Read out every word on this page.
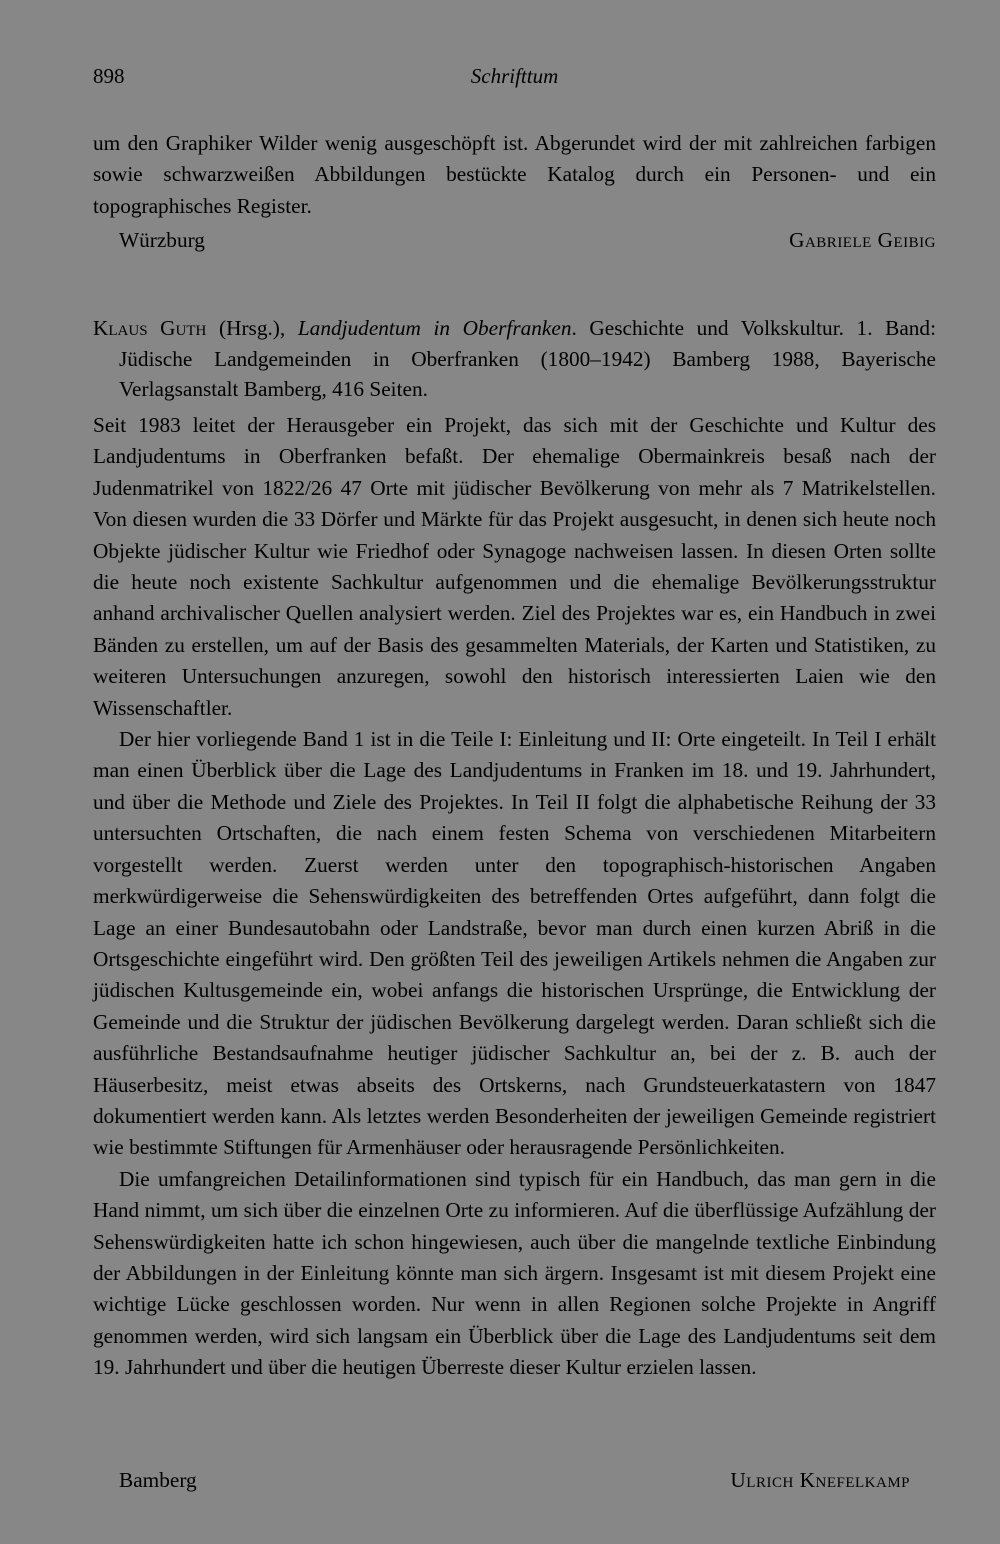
898	Schrifttum

um den Graphiker Wilder wenig ausgeschöpft ist. Abgerundet wird der mit zahlreichen farbigen sowie schwarzweißen Abbildungen bestückte Katalog durch ein Personen- und ein topographisches Register.

Würzburg	Gabriele Geibig
Klaus Guth (Hrsg.), Landjudentum in Oberfranken. Geschichte und Volkskultur. 1. Band: Jüdische Landgemeinden in Oberfranken (1800–1942) Bamberg 1988, Bayerische Verlagsanstalt Bamberg, 416 Seiten.

Seit 1983 leitet der Herausgeber ein Projekt, das sich mit der Geschichte und Kultur des Landjudentums in Oberfranken befaßt. Der ehemalige Obermainkreis besaß nach der Judenmatrikel von 1822/26 47 Orte mit jüdischer Bevölkerung von mehr als 7 Matrikelstellen. Von diesen wurden die 33 Dörfer und Märkte für das Projekt ausgesucht, in denen sich heute noch Objekte jüdischer Kultur wie Friedhof oder Synagoge nachweisen lassen. In diesen Orten sollte die heute noch existente Sachkultur aufgenommen und die ehemalige Bevölkerungsstruktur anhand archivalischer Quellen analysiert werden. Ziel des Projektes war es, ein Handbuch in zwei Bänden zu erstellen, um auf der Basis des gesammelten Materials, der Karten und Statistiken, zu weiteren Untersuchungen anzuregen, sowohl den historisch interessierten Laien wie den Wissenschaftler.

Der hier vorliegende Band 1 ist in die Teile I: Einleitung und II: Orte eingeteilt. In Teil I erhält man einen Überblick über die Lage des Landjudentums in Franken im 18. und 19. Jahrhundert, und über die Methode und Ziele des Projektes. In Teil II folgt die alphabetische Reihung der 33 untersuchten Ortschaften, die nach einem festen Schema von verschiedenen Mitarbeitern vorgestellt werden. Zuerst werden unter den topographisch-historischen Angaben merkwürdigerweise die Sehenswürdigkeiten des betreffenden Ortes aufgeführt, dann folgt die Lage an einer Bundesautobahn oder Landstraße, bevor man durch einen kurzen Abriß in die Ortsgeschichte eingeführt wird. Den größten Teil des jeweiligen Artikels nehmen die Angaben zur jüdischen Kultusgemeinde ein, wobei anfangs die historischen Ursprünge, die Entwicklung der Gemeinde und die Struktur der jüdischen Bevölkerung dargelegt werden. Daran schließt sich die ausführliche Bestandsaufnahme heutiger jüdischer Sachkultur an, bei der z. B. auch der Häuserbesitz, meist etwas abseits des Ortskerns, nach Grundsteuerkatastern von 1847 dokumentiert werden kann. Als letztes werden Besonderheiten der jeweiligen Gemeinde registriert wie bestimmte Stiftungen für Armenhäuser oder herausragende Persönlichkeiten.

Die umfangreichen Detailinformationen sind typisch für ein Handbuch, das man gern in die Hand nimmt, um sich über die einzelnen Orte zu informieren. Auf die überflüssige Aufzählung der Sehenswürdigkeiten hatte ich schon hingewiesen, auch über die mangelnde textliche Einbindung der Abbildungen in der Einleitung könnte man sich ärgern. Insgesamt ist mit diesem Projekt eine wichtige Lücke geschlossen worden. Nur wenn in allen Regionen solche Projekte in Angriff genommen werden, wird sich langsam ein Überblick über die Lage des Landjudentums seit dem 19. Jahrhundert und über die heutigen Überreste dieser Kultur erzielen lassen.

Bamberg	Ulrich Knefelkamp
